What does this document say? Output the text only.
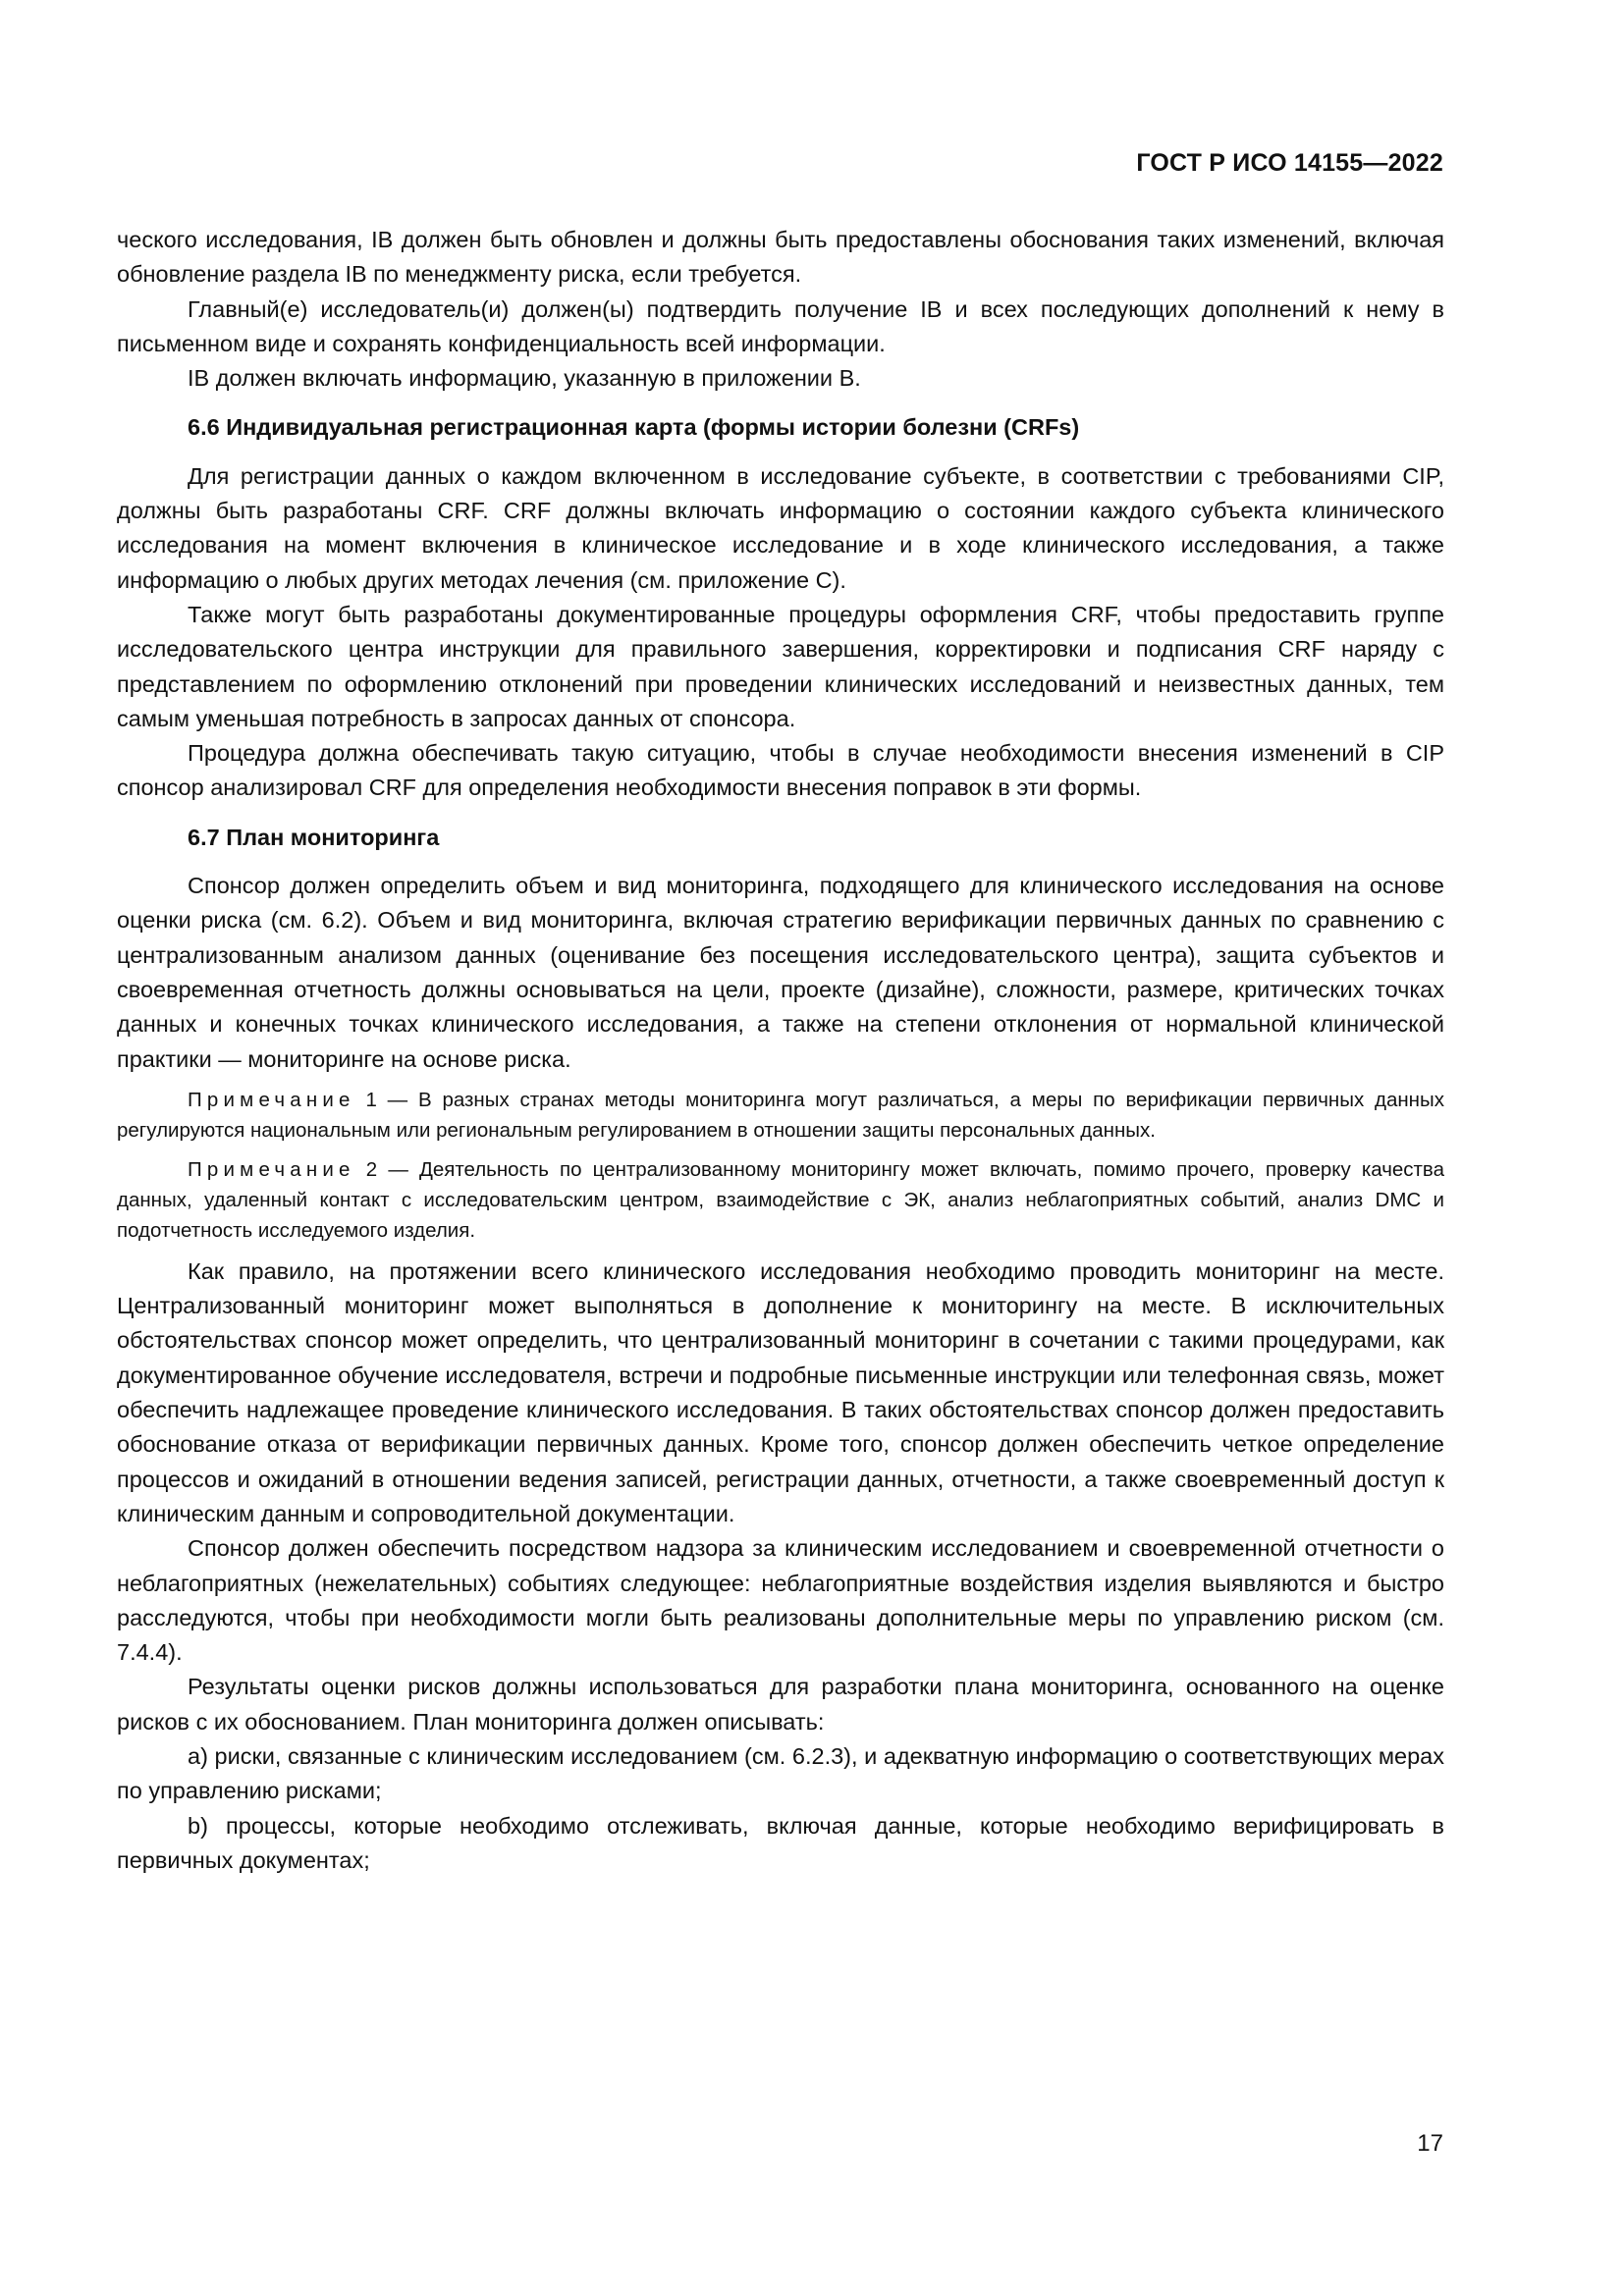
ГОСТ Р ИСО 14155—2022

ческого исследования, IB должен быть обновлен и должны быть предоставлены обоснования таких изменений, включая обновление раздела IB по менеджменту риска, если требуется.

Главный(е) исследователь(и) должен(ы) подтвердить получение IB и всех последующих дополнений к нему в письменном виде и сохранять конфиденциальность всей информации.

IB должен включать информацию, указанную в приложении В.

6.6 Индивидуальная регистрационная карта (формы истории болезни (CRFs)

Для регистрации данных о каждом включенном в исследование субъекте, в соответствии с требованиями CIP, должны быть разработаны CRF. CRF должны включать информацию о состоянии каждого субъекта клинического исследования на момент включения в клиническое исследование и в ходе клинического исследования, а также информацию о любых других методах лечения (см. приложение С).

Также могут быть разработаны документированные процедуры оформления CRF, чтобы предоставить группе исследовательского центра инструкции для правильного завершения, корректировки и подписания CRF наряду с представлением по оформлению отклонений при проведении клинических исследований и неизвестных данных, тем самым уменьшая потребность в запросах данных от спонсора.

Процедура должна обеспечивать такую ситуацию, чтобы в случае необходимости внесения изменений в CIP спонсор анализировал CRF для определения необходимости внесения поправок в эти формы.

6.7 План мониторинга

Спонсор должен определить объем и вид мониторинга, подходящего для клинического исследования на основе оценки риска (см. 6.2). Объем и вид мониторинга, включая стратегию верификации первичных данных по сравнению с централизованным анализом данных (оценивание без посещения исследовательского центра), защита субъектов и своевременная отчетность должны основываться на цели, проекте (дизайне), сложности, размере, критических точках данных и конечных точках клинического исследования, а также на степени отклонения от нормальной клинической практики — мониторинге на основе риска.

Примечание 1 — В разных странах методы мониторинга могут различаться, а меры по верификации первичных данных регулируются национальным или региональным регулированием в отношении защиты персональных данных.

Примечание 2 — Деятельность по централизованному мониторингу может включать, помимо прочего, проверку качества данных, удаленный контакт с исследовательским центром, взаимодействие с ЭК, анализ неблагоприятных событий, анализ DMC и подотчетность исследуемого изделия.

Как правило, на протяжении всего клинического исследования необходимо проводить мониторинг на месте. Централизованный мониторинг может выполняться в дополнение к мониторингу на месте. В исключительных обстоятельствах спонсор может определить, что централизованный мониторинг в сочетании с такими процедурами, как документированное обучение исследователя, встречи и подробные письменные инструкции или телефонная связь, может обеспечить надлежащее проведение клинического исследования. В таких обстоятельствах спонсор должен предоставить обоснование отказа от верификации первичных данных. Кроме того, спонсор должен обеспечить четкое определение процессов и ожиданий в отношении ведения записей, регистрации данных, отчетности, а также своевременный доступ к клиническим данным и сопроводительной документации.

Спонсор должен обеспечить посредством надзора за клиническим исследованием и своевременной отчетности о неблагоприятных (нежелательных) событиях следующее: неблагоприятные воздействия изделия выявляются и быстро расследуются, чтобы при необходимости могли быть реализованы дополнительные меры по управлению риском (см. 7.4.4).

Результаты оценки рисков должны использоваться для разработки плана мониторинга, основанного на оценке рисков с их обоснованием. План мониторинга должен описывать:

a) риски, связанные с клиническим исследованием (см. 6.2.3), и адекватную информацию о соответствующих мерах по управлению рисками;

b) процессы, которые необходимо отслеживать, включая данные, которые необходимо верифицировать в первичных документах;

17
